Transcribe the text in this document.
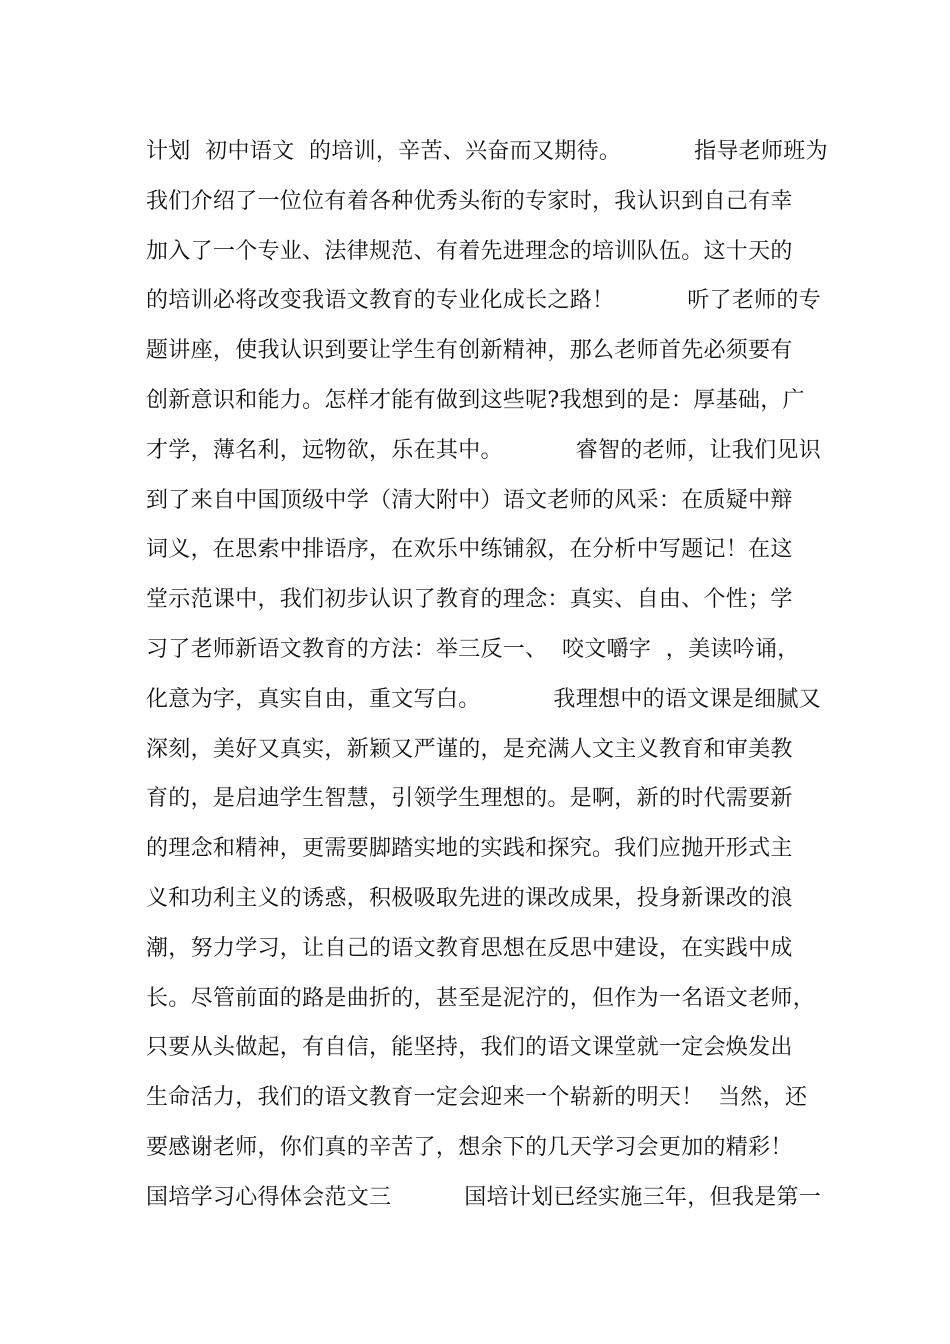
计划  初中语文  的培训，辛苦、兴奋而又期待。          指导老师班为
我们介绍了一位位有着各种优秀头衔的专家时，我认识到自己有幸
加入了一个专业、法律规范、有着先进理念的培训队伍。这十天的
的培训必将改变我语文教育的专业化成长之路！          听了老师的专
题讲座，使我认识到要让学生有创新精神，那么老师首先必须要有
创新意识和能力。怎样才能有做到这些呢?我想到的是：厚基础，广
才学，薄名利，远物欲，乐在其中。          睿智的老师，让我们见识
到了来自中国顶级中学（清大附中）语文老师的风采：在质疑中辩
词义，在思索中排语序，在欢乐中练铺叙，在分析中写题记！在这
堂示范课中，我们初步认识了教育的理念：真实、自由、个性；学
习了老师新语文教育的方法：举三反一、  咬文嚼字  ，美读吟诵，
化意为字，真实自由，重文写白。          我理想中的语文课是细腻又
深刻，美好又真实，新颖又严谨的，是充满人文主义教育和审美教
育的，是启迪学生智慧，引领学生理想的。是啊，新的时代需要新
的理念和精神，更需要脚踏实地的实践和探究。我们应抛开形式主
义和功利主义的诱惑，积极吸取先进的课改成果，投身新课改的浪
潮，努力学习，让自己的语文教育思想在反思中建设，在实践中成
长。尽管前面的路是曲折的，甚至是泥泞的，但作为一名语文老师，
只要从头做起，有自信，能坚持，我们的语文课堂就一定会焕发出
生命活力，我们的语文教育一定会迎来一个崭新的明天！  当然，还
要感谢老师，你们真的辛苦了，想余下的几天学习会更加的精彩！
国培学习心得体会范文三          国培计划已经实施三年，但我是第一
